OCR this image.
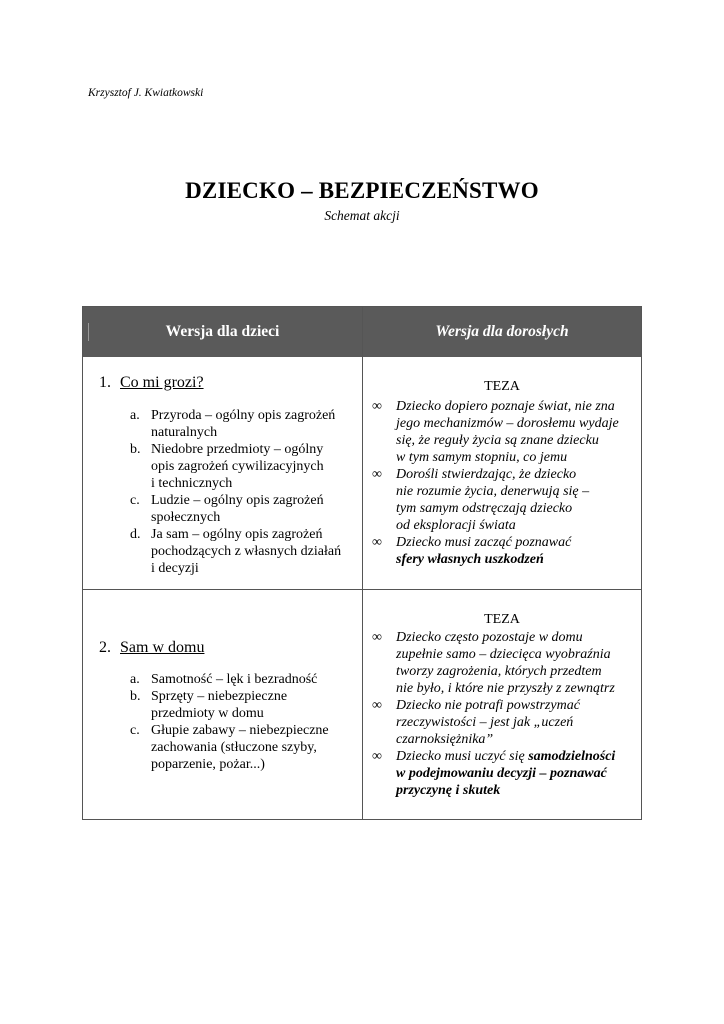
Krzysztof J. Kwiatkowski
DZIECKO – BEZPIECZEŃSTWO
Schemat akcji
Wersja dla dzieci	Wersja dla dorosłych
1. Co mi grozi?
a. Przyroda – ogólny opis zagrożeń
naturalnych
b. Niedobre przedmioty – ogólny
opis zagrożeń cywilizacyjnych
i technicznych
c. Ludzie – ogólny opis zagrożeń
społecznych
d. Ja sam – ogólny opis zagrożeń
pochodzących z własnych działań
i decyzji
TEZA
∞ Dziecko dopiero poznaje świat, nie zna
jego mechanizmów – dorosłemu wydaje
się, że reguły życia są znane dziecku
w tym samym stopniu, co jemu
∞ Dorośli stwierdzając, że dziecko
nie rozumie życia, denerwują się –
tym samym odstręczają dziecko
od eksploracji świata
∞ Dziecko musi zacząć poznawać
sfery własnych uszkodzeń
2. Sam w domu
a. Samotność – lęk i bezradność
b. Sprzęty – niebezpieczne
przedmioty w domu
c. Głupie zabawy – niebezpieczne
zachowania (stłuczone szyby,
poparzenie, pożar...)
TEZA
∞ Dziecko często pozostaje w domu
zupełnie samo – dziecięca wyobraźnia
tworzy zagrożenia, których przedtem
nie było, i które nie przyszły z zewnątrz
∞ Dziecko nie potrafi powstrzymać
rzeczywistości – jest jak „uczeń
czarnoksiężnika”
∞ Dziecko musi uczyć się samodzielności
w podejmowaniu decyzji – poznawać
przyczynę i skutek
